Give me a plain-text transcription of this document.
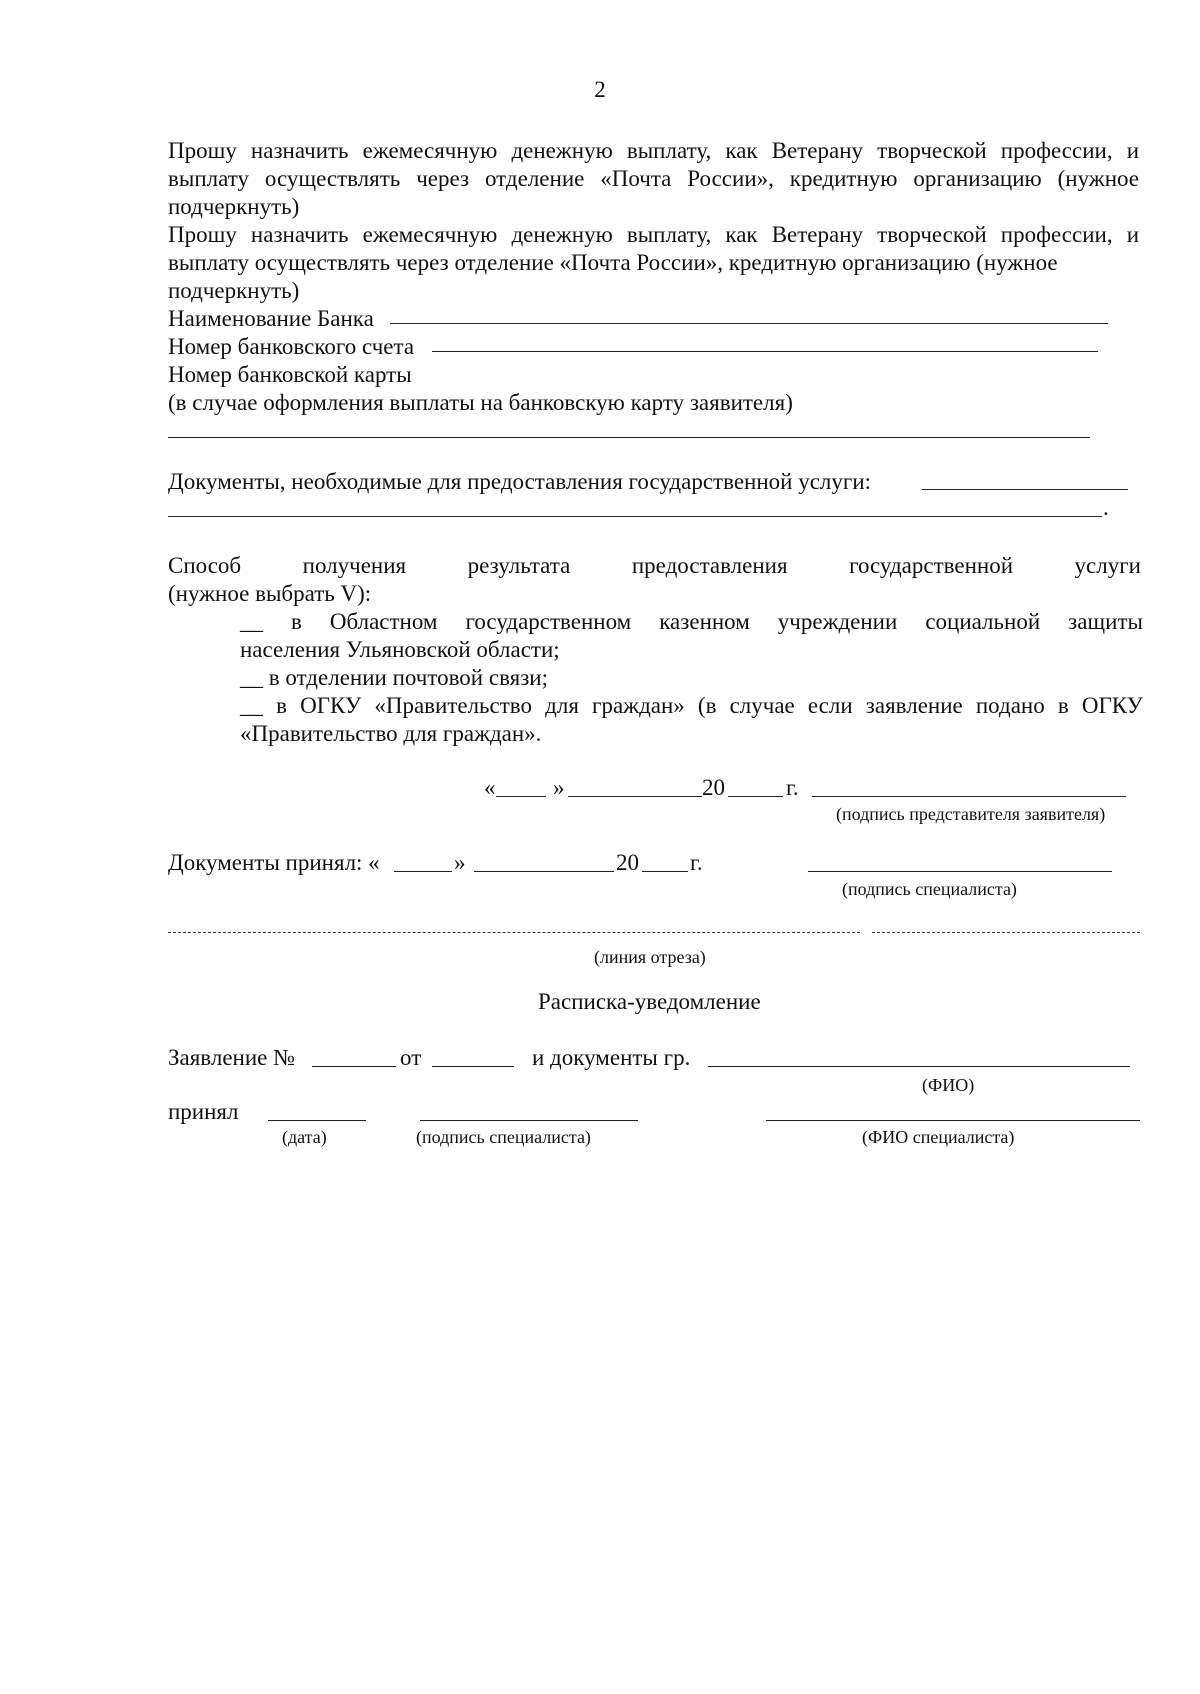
2
Прошу назначить ежемесячную денежную выплату, как Ветерану творческой профессии, и
выплату осуществлять через отделение «Почта России», кредитную организацию (нужное
подчеркнуть)
Прошу назначить ежемесячную денежную выплату, как Ветерану творческой профессии, и
выплату осуществлять через отделение «Почта России», кредитную организацию (нужное
подчеркнуть)
Наименование Банка
Номер банковского счета
Номер банковской карты
(в случае оформления выплаты на банковскую карту заявителя)
Документы, необходимые для предоставления государственной услуги:
.
Способ	получения	результата	предоставления	государственной	услуги
(нужное выбрать V):
__ в Областном государственном казенном учреждении социальной защиты
населения Ульяновской области;
__ в отделении почтовой связи;
__ в ОГКУ «Правительство для граждан» (в случае если заявление подано в ОГКУ
«Правительство для граждан».
«	»	20	г.
(подпись представителя заявителя)
Документы принял: «	»	20 г.
(подпись специалиста)
(линия отреза)
Расписка-уведомление
Заявление №	от	и документы гр.
(ФИО)
принял
(дата)	(подпись специалиста)	(ФИО специалиста)
